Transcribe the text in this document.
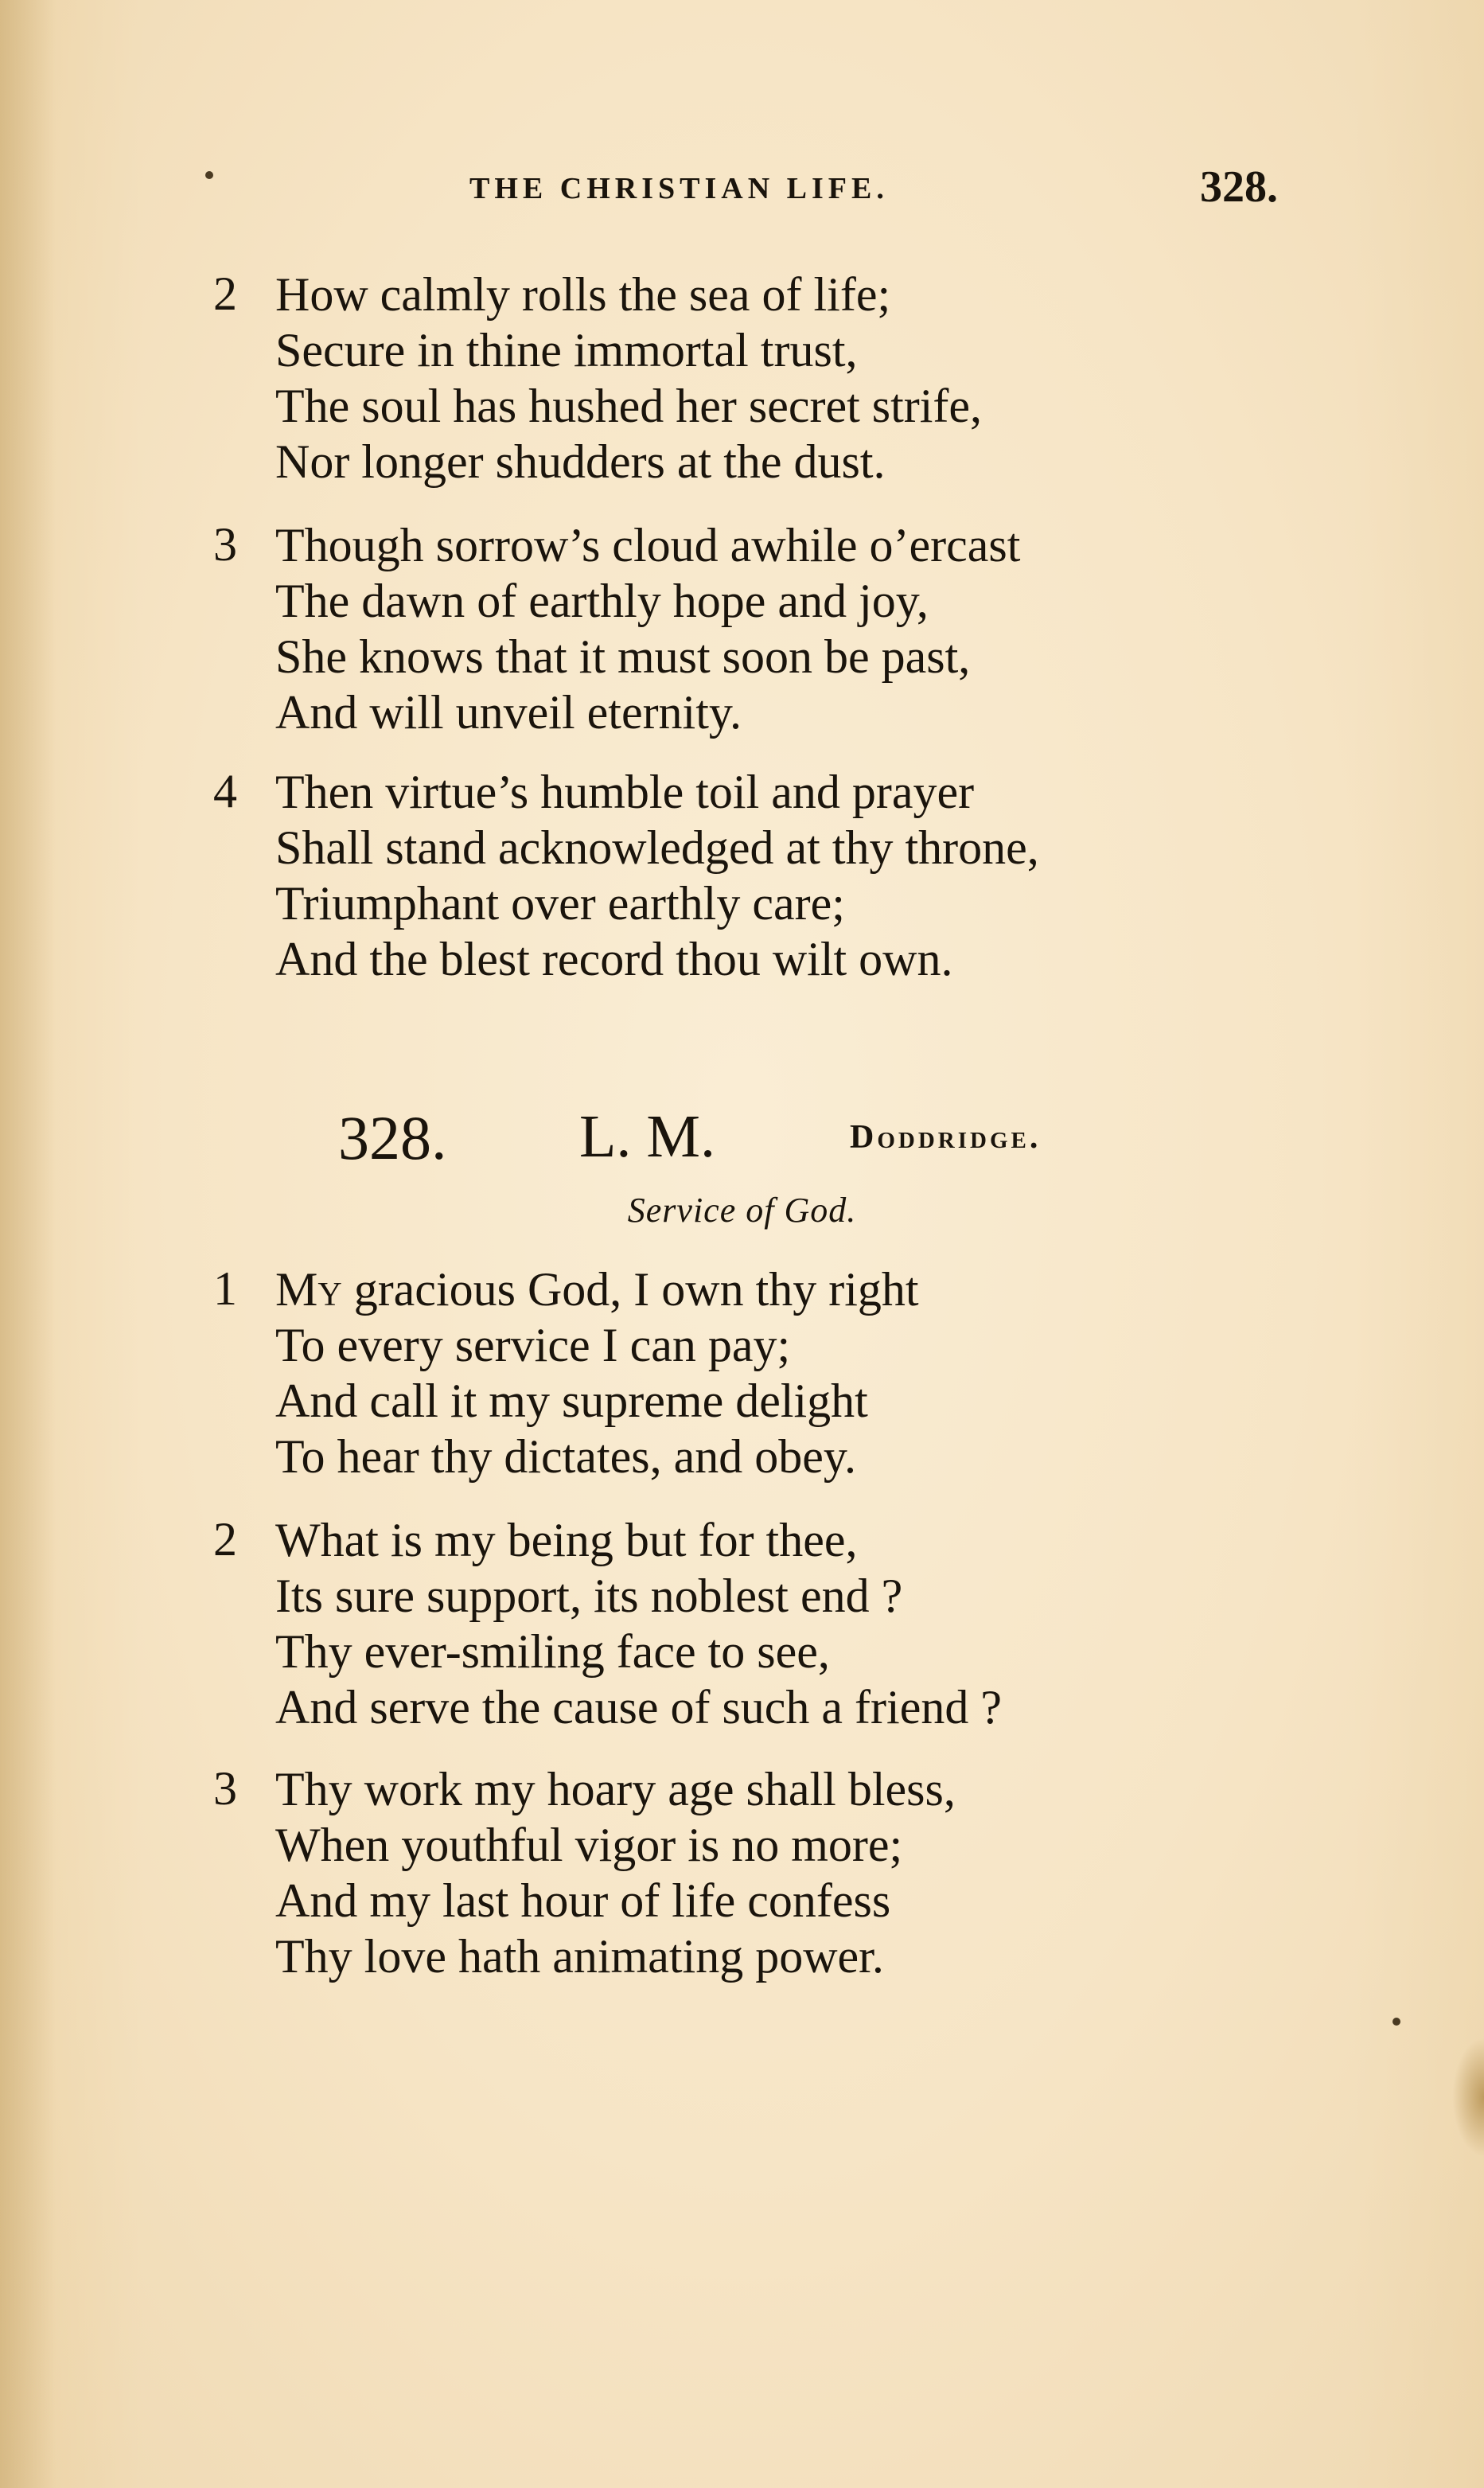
THE CHRISTIAN LIFE.	328.
2 How calmly rolls the sea of life;
Secure in thine immortal trust,
The soul has hushed her secret strife,
Nor longer shudders at the dust.
3 Though sorrow’s cloud awhile o’ercast
The dawn of earthly hope and joy,
She knows that it must soon be past,
And will unveil eternity.
4 Then virtue’s humble toil and prayer
Shall stand acknowledged at thy throne,
Triumphant over earthly care;
And the blest record thou wilt own.
328. L. M.	Doddridge.
Service of God.
1 My gracious God, I own thy right
To every service I can pay;
And call it my supreme delight
To hear thy dictates, and obey.
2 What is my being but for thee,
Its sure support, its noblest end ?
Thy ever-smiling face to see,
And serve the cause of such a friend ?
3 Thy work my hoary age shall bless,
When youthful vigor is no more;
And my last hour of life confess
Thy love hath animating power.
